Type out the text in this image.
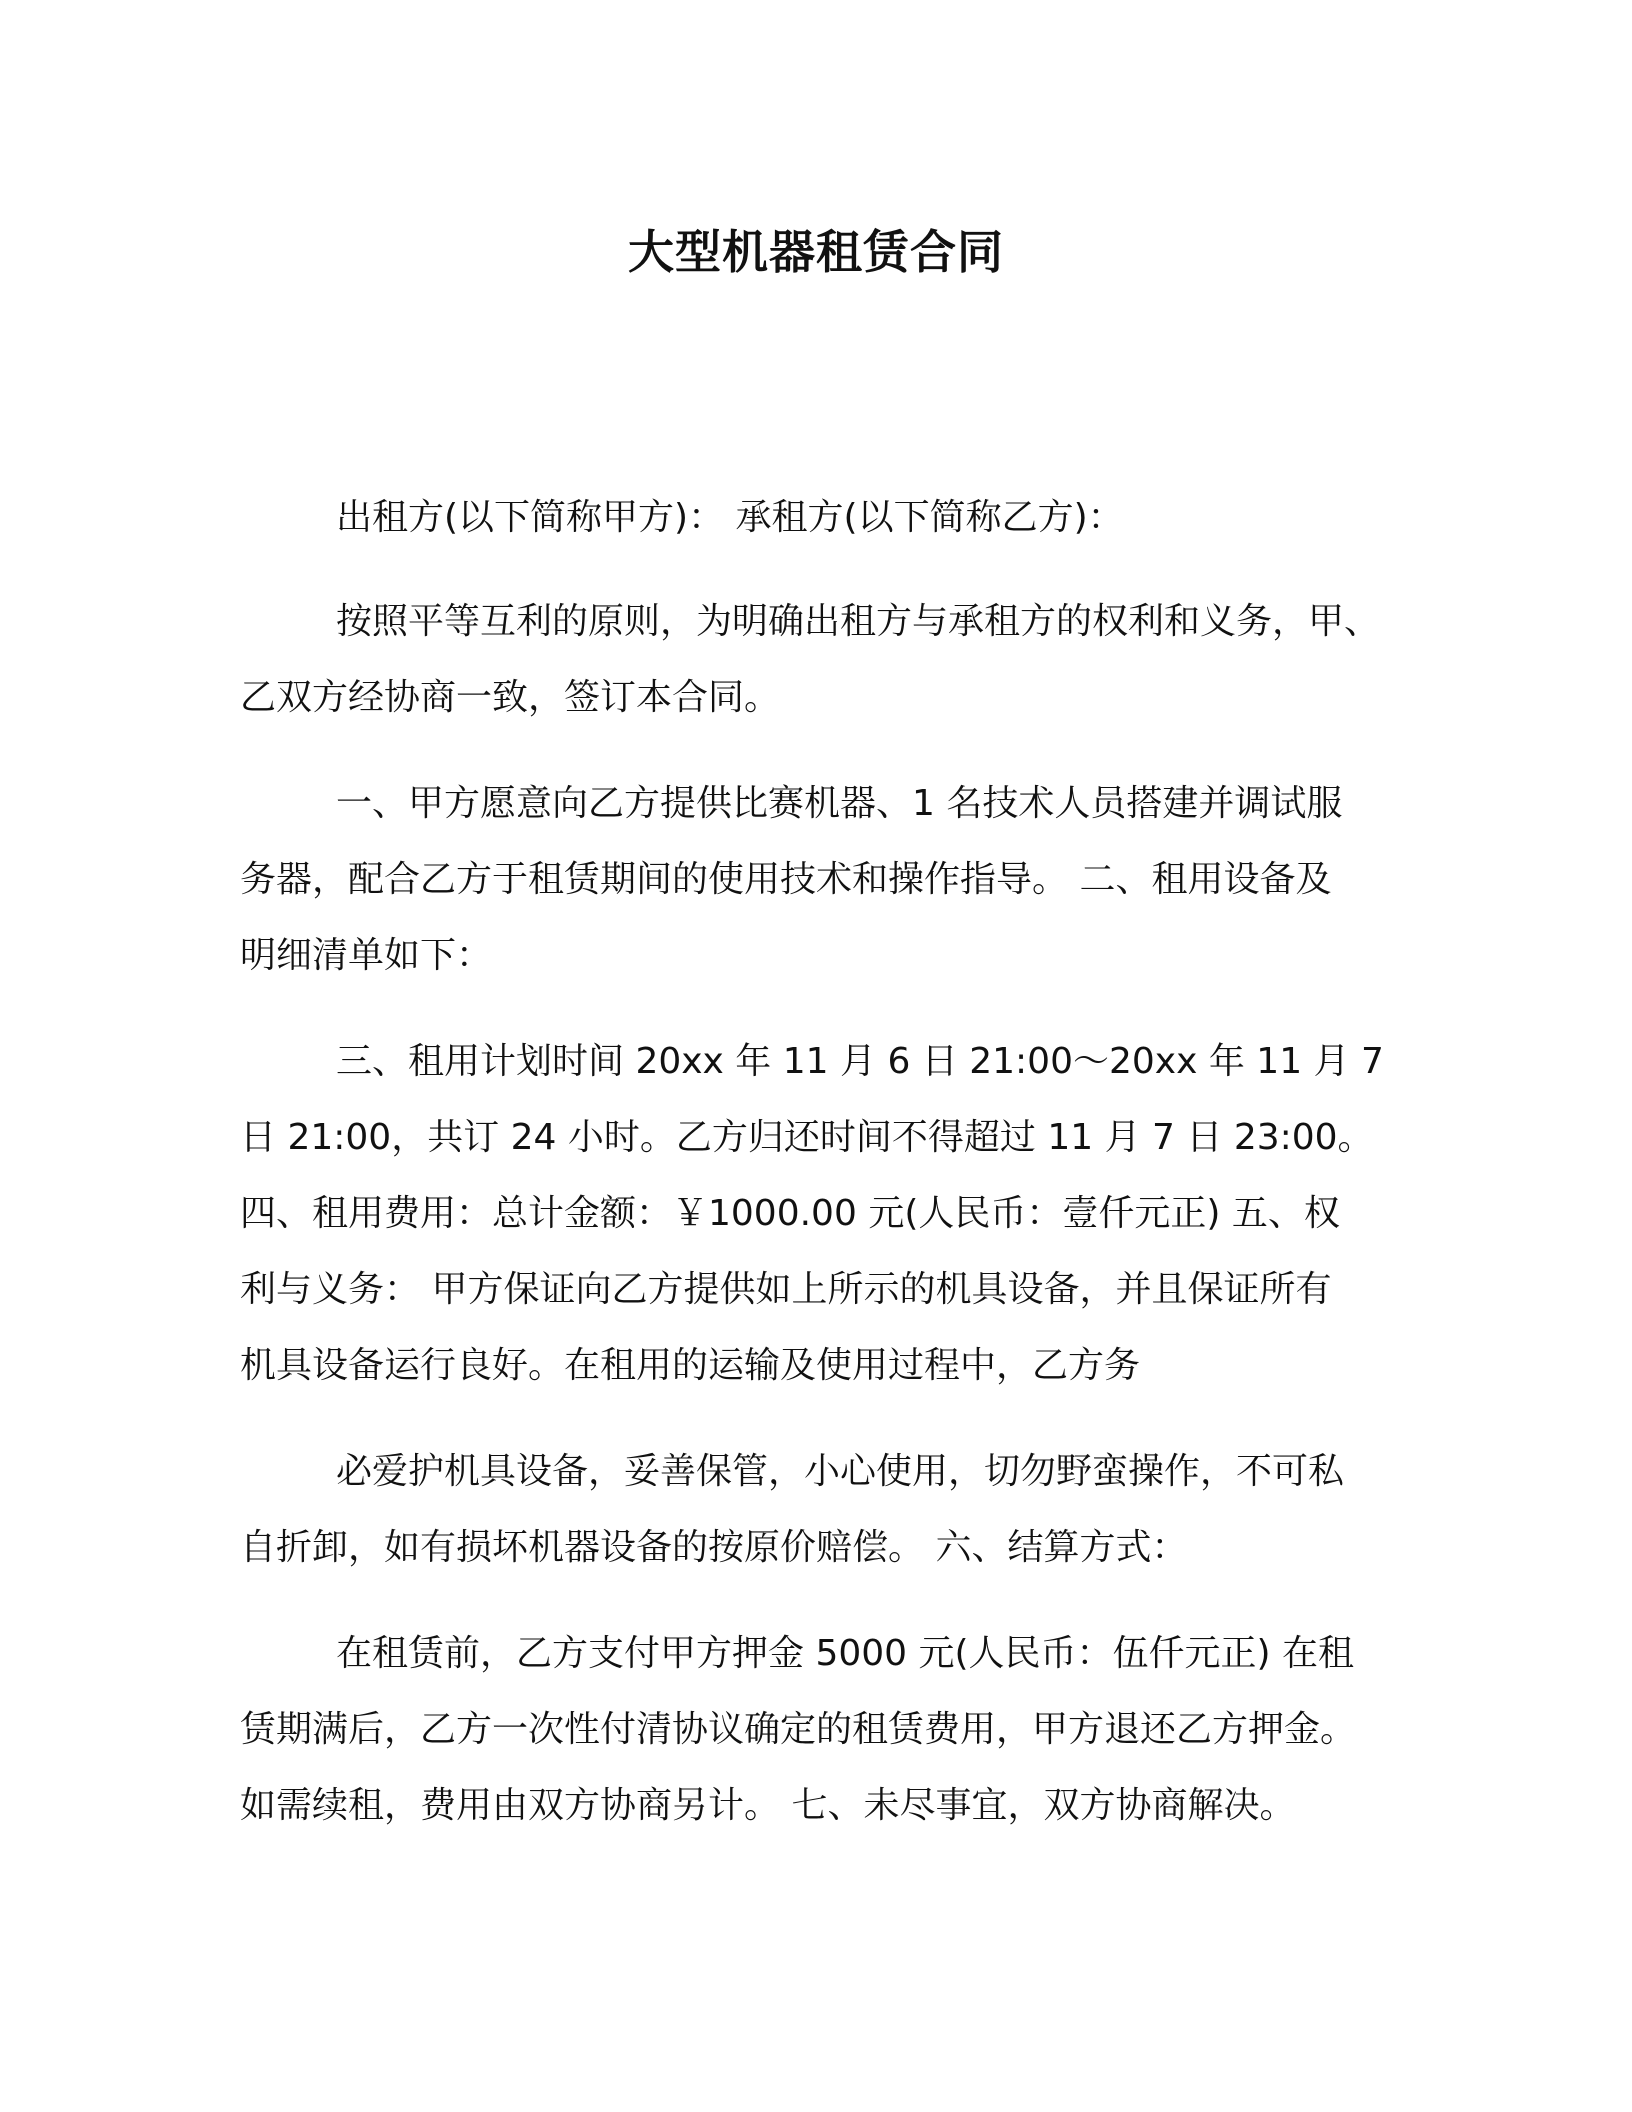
大型机器租赁合同
出租方(以下简称甲方)： 承租方(以下简称乙方)：
按照平等互利的原则，为明确出租方与承租方的权利和义务，甲、
乙双方经协商一致，签订本合同。
一、甲方愿意向乙方提供比赛机器、1 名技术人员搭建并调试服
务器，配合乙方于租赁期间的使用技术和操作指导。 二、租用设备及
明细清单如下：
三、租用计划时间 20xx 年 11 月 6 日 21:00～20xx 年 11 月 7
日 21:00，共订 24 小时。乙方归还时间不得超过 11 月 7 日 23:00。
四、租用费用：总计金额：￥1000.00 元(人民币：壹仟元正) 五、权
利与义务： 甲方保证向乙方提供如上所示的机具设备，并且保证所有
机具设备运行良好。在租用的运输及使用过程中，乙方务
必爱护机具设备，妥善保管，小心使用，切勿野蛮操作，不可私
自折卸，如有损坏机器设备的按原价赔偿。 六、结算方式：
在租赁前，乙方支付甲方押金 5000 元(人民币：伍仟元正) 在租
赁期满后，乙方一次性付清协议确定的租赁费用，甲方退还乙方押金。
如需续租，费用由双方协商另计。 七、未尽事宜，双方协商解决。
